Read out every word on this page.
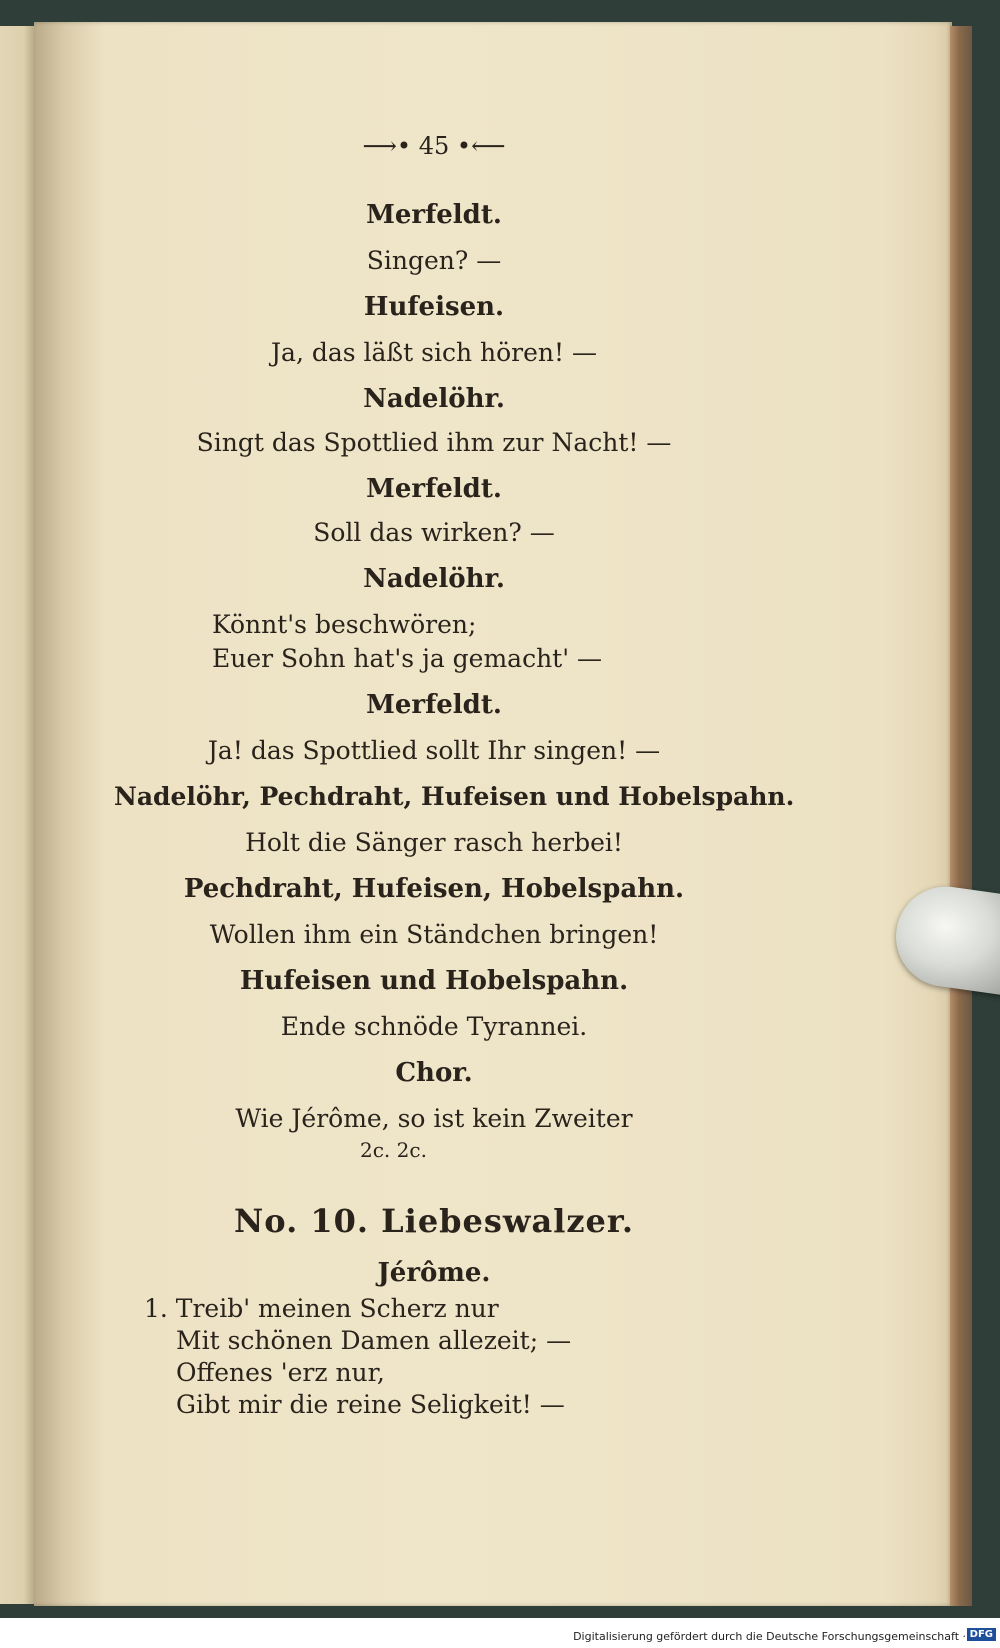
⟶• 45 •⟵
Merfeldt.
Singen? —
Hufeisen.
Ja, das läßt sich hören! —
Nadelöhr.
Singt das Spottlied ihm zur Nacht! —
Merfeldt.
Soll das wirken? —
Nadelöhr.
Könnt's beschwören;
Euer Sohn hat's ja gemacht' —
Merfeldt.
Ja! das Spottlied sollt Ihr singen! —
Nadelöhr, Pechdraht, Hufeisen und Hobelspahn.
Holt die Sänger rasch herbei!
Pechdraht, Hufeisen, Hobelspahn.
Wollen ihm ein Ständchen bringen!
Hufeisen und Hobelspahn.
Ende schnöde Tyrannei.
Chor.
Wie Jérôme, so ist kein Zweiter
2c. 2c.
No. 10. Liebeswalzer.
Jérôme.
1. Treib' meinen Scherz nur
Mit schönen Damen allezeit; —
Offenes 'erz nur,
Gibt mir die reine Seligkeit! —
Digitalisierung gefördert durch die Deutsche Forschungsgemeinschaft · DFG
